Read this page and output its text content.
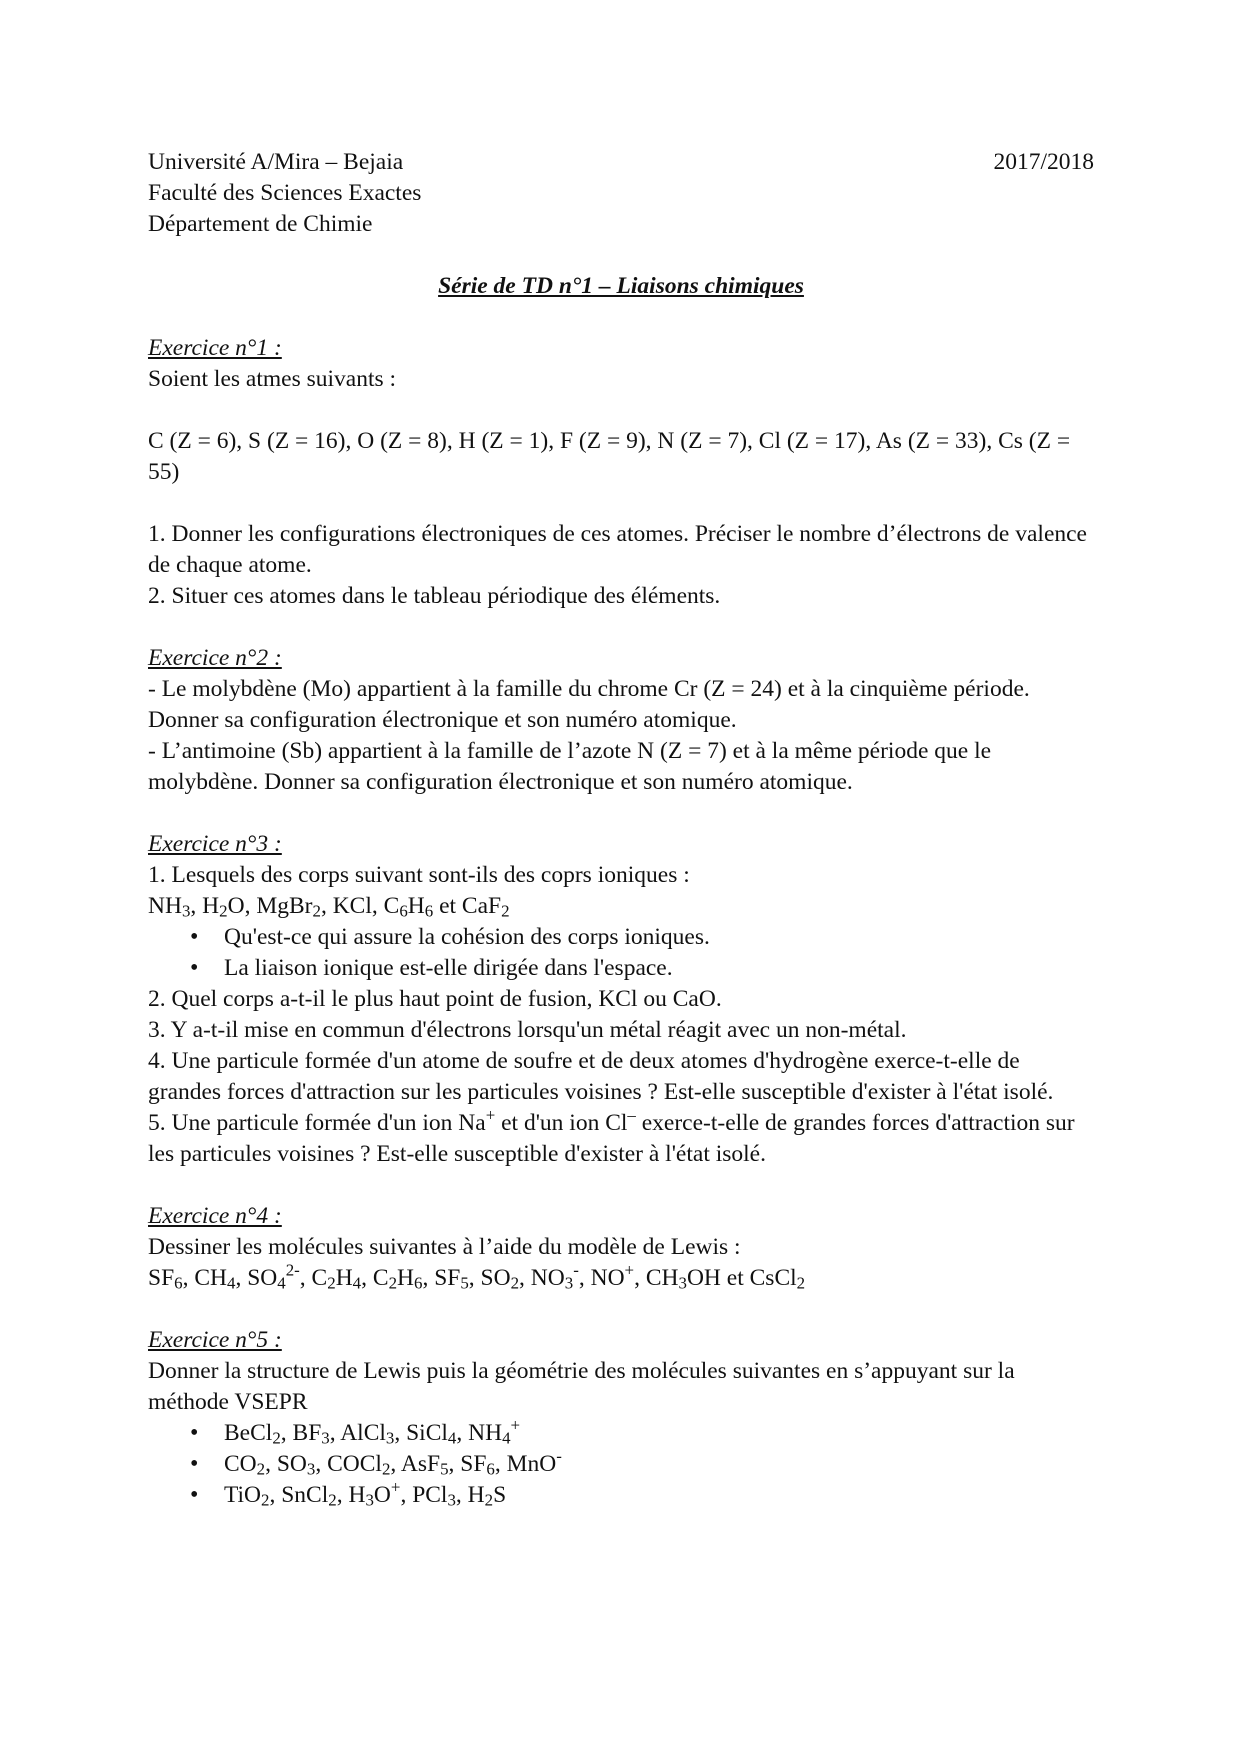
Université A/Mira – Bejaia	2017/2018

Faculté des Sciences Exactes

Département de Chimie

Série de TD n°1 – Liaisons chimiques

Exercice n°1 :

Soient les atmes suivants :

C (Z = 6), S (Z = 16), O (Z = 8), H (Z = 1), F (Z = 9), N (Z = 7), Cl (Z = 17), As (Z = 33), Cs (Z = 55)

1. Donner les configurations électroniques de ces atomes. Préciser le nombre d’électrons de valence de chaque atome.

2. Situer ces atomes dans le tableau périodique des éléments.

Exercice n°2 :

- Le molybdène (Mo) appartient à la famille du chrome Cr (Z = 24) et à la cinquième période. Donner sa configuration électronique et son numéro atomique.

- L’antimoine (Sb) appartient à la famille de l’azote N (Z = 7) et à la même période que le molybdène. Donner sa configuration électronique et son numéro atomique.

Exercice n°3 :

1. Lesquels des corps suivant sont-ils des coprs ioniques :

$NH_3$, $H_2O$, MgBr$_2$, KCl, $C_6H_6$ et CaF$_2$

• Qu'est-ce qui assure la cohésion des corps ioniques.
• La liaison ionique est-elle dirigée dans l'espace.

2. Quel corps a-t-il le plus haut point de fusion, KCl ou CaO.

3. Y a-t-il mise en commun d'électrons lorsqu'un métal réagit avec un non-métal.

4. Une particule formée d'un atome de soufre et de deux atomes d'hydrogène exerce-t-elle de grandes forces d'attraction sur les particules voisines ? Est-elle susceptible d'exister à l'état isolé.

5. Une particule formée d'un ion Na+ et d'un ion Cl– exerce-t-elle de grandes forces d'attraction sur les particules voisines ? Est-elle susceptible d'exister à l'état isolé.

Exercice n°4 :

Dessiner les molécules suivantes à l’aide du modèle de Lewis :

$SF_6$, $CH_4$, $SO_4^{2-}$, $C_2H_4$, $C_2H_6$, $SF_5$, $SO_2$, $NO_3^-$, NO+, $CH_3OH$ et CsCl$_2$

Exercice n°5 :

Donner la structure de Lewis puis la géométrie des molécules suivantes en s’appuyant sur la méthode VSEPR

• BeCl$_2$, $BF_3$, AlCl$_3$, SiCl$_4$, $NH_4^+$
• $CO_2$, $SO_3$, COCl$_2$, AsF$_5$, $SF_6$, MnO-
• TiO$_2$, SnCl$_2$, $H_3O^+$, PCl$_3$, $H_2S$
